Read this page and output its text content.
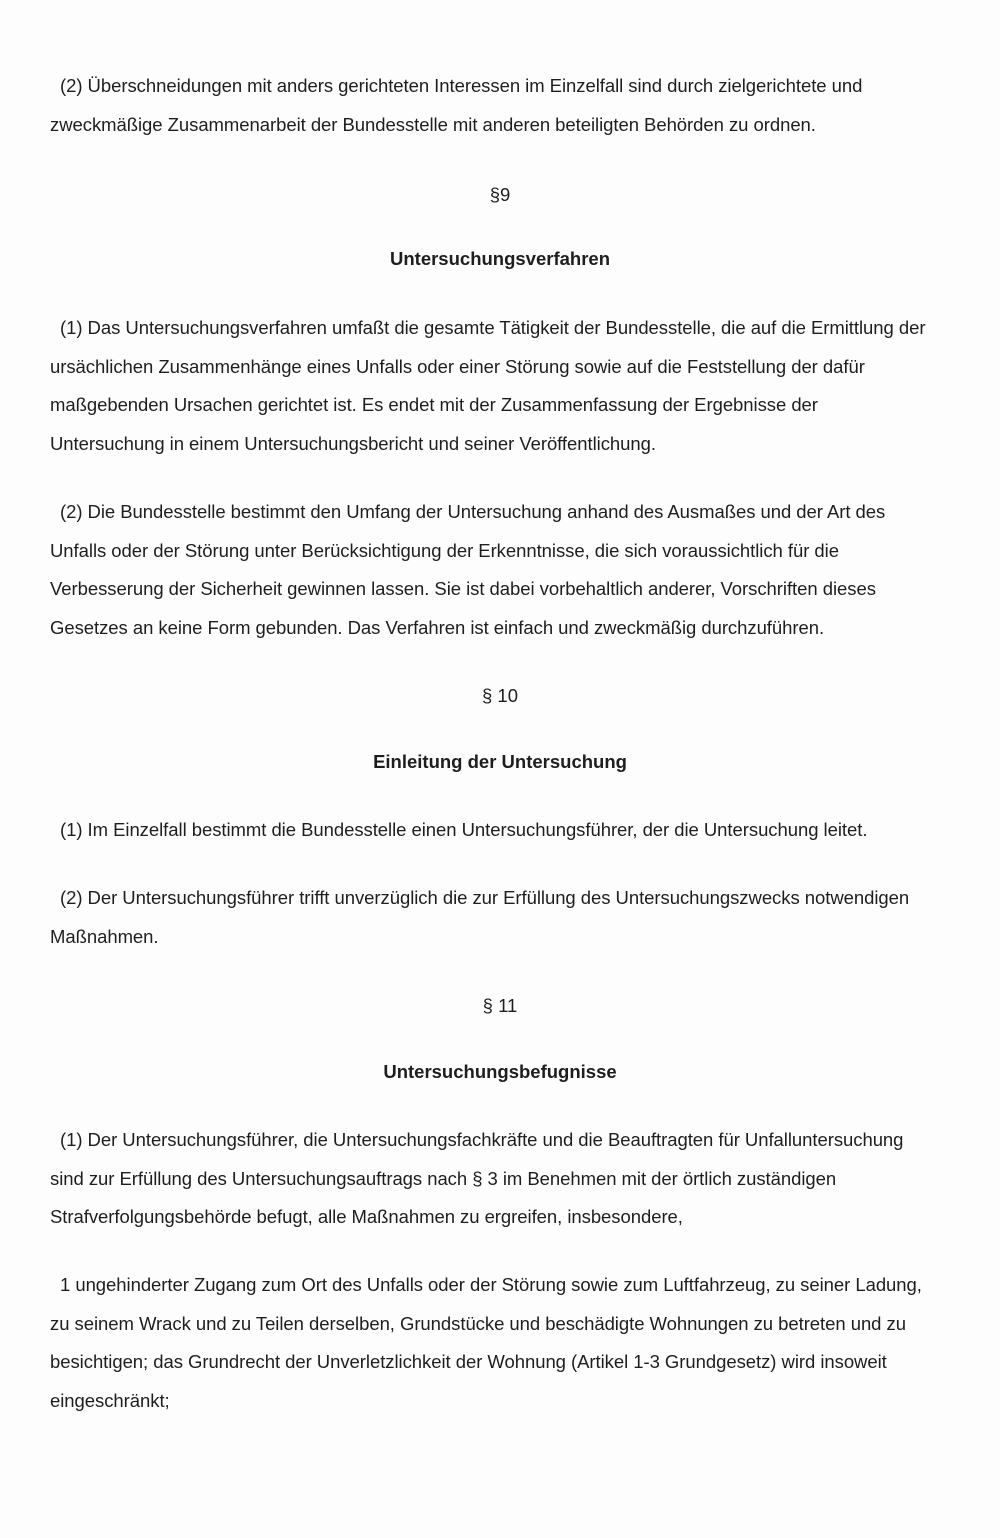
(2) Überschneidungen mit anders gerichteten Interessen im Einzelfall sind durch zielgerichtete und
zweckmäßige Zusammenarbeit der Bundesstelle mit anderen beteiligten Behörden zu ordnen.

§9

Untersuchungsverfahren

(1) Das Untersuchungsverfahren umfaßt die gesamte Tätigkeit der Bundesstelle, die auf die Ermittlung der
ursächlichen Zusammenhänge eines Unfalls oder einer Störung sowie auf die Feststellung der dafür
maßgebenden Ursachen gerichtet ist. Es endet mit der Zusammenfassung der Ergebnisse der
Untersuchung in einem Untersuchungsbericht und seiner Veröffentlichung.
(2) Die Bundesstelle bestimmt den Umfang der Untersuchung anhand des Ausmaßes und der Art des
Unfalls oder der Störung unter Berücksichtigung der Erkenntnisse, die sich voraussichtlich für die
Verbesserung der Sicherheit gewinnen lassen. Sie ist dabei vorbehaltlich anderer, Vorschriften dieses
Gesetzes an keine Form gebunden. Das Verfahren ist einfach und zweckmäßig durchzuführen.

§ 10

Einleitung der Untersuchung

(1) Im Einzelfall bestimmt die Bundesstelle einen Untersuchungsführer, der die Untersuchung leitet.
(2) Der Untersuchungsführer trifft unverzüglich die zur Erfüllung des Untersuchungszwecks notwendigen
Maßnahmen.

§ 11

Untersuchungsbefugnisse

(1) Der Untersuchungsführer, die Untersuchungsfachkräfte und die Beauftragten für Unfalluntersuchung
sind zur Erfüllung des Untersuchungsauftrags nach § 3 im Benehmen mit der örtlich zuständigen
Strafverfolgungsbehörde befugt, alle Maßnahmen zu ergreifen, insbesondere,
1 ungehinderter Zugang zum Ort des Unfalls oder der Störung sowie zum Luftfahrzeug, zu seiner Ladung,
zu seinem Wrack und zu Teilen derselben, Grundstücke und beschädigte Wohnungen zu betreten und zu
besichtigen; das Grundrecht der Unverletzlichkeit der Wohnung (Artikel 1-3 Grundgesetz) wird insoweit
eingeschränkt;
